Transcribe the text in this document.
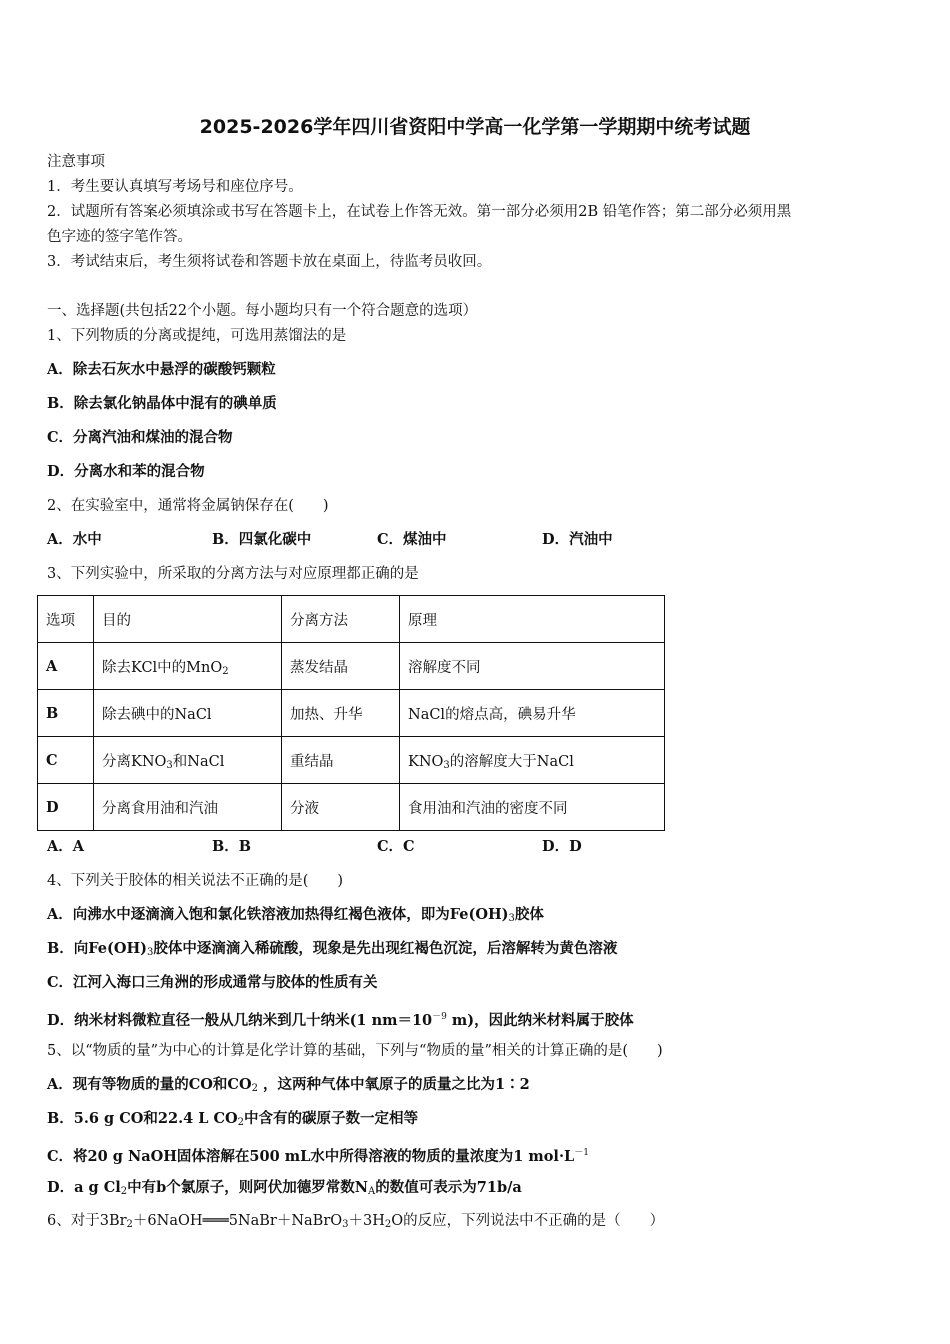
2025-2026学年四川省资阳中学高一化学第一学期期中统考试题
注意事项
1．考生要认真填写考场号和座位序号。
2．试题所有答案必须填涂或书写在答题卡上，在试卷上作答无效。第一部分必须用2B 铅笔作答；第二部分必须用黑
色字迹的签字笔作答。
3．考试结束后，考生须将试卷和答题卡放在桌面上，待监考员收回。
一、选择题(共包括22个小题。每小题均只有一个符合题意的选项）
1、下列物质的分离或提纯，可选用蒸馏法的是
A．除去石灰水中悬浮的碳酸钙颗粒
B．除去氯化钠晶体中混有的碘单质
C．分离汽油和煤油的混合物
D．分离水和苯的混合物
2、在实验室中，通常将金属钠保存在(　　)
A．水中	B．四氯化碳中	C．煤油中	D．汽油中
3、下列实验中，所采取的分离方法与对应原理都正确的是
选项	目的	分离方法	原理
A	除去KCl中的MnO$_2$	蒸发结晶	溶解度不同
B	除去碘中的NaCl	加热、升华	NaCl的熔点高，碘易升华
C	分离$KNO_3$和NaCl	重结晶	$KNO_3$的溶解度大于NaCl
D	分离食用油和汽油	分液	食用油和汽油的密度不同
A．A	B．B	C．C	D．D
4、下列关于胶体的相关说法不正确的是(　　)
A．向沸水中逐滴滴入饱和氯化铁溶液加热得红褐色液体，即为$Fe(OH)_3$胶体
B．向$Fe(OH)_3$胶体中逐滴滴入稀硫酸，现象是先出现红褐色沉淀，后溶解转为黄色溶液
C．江河入海口三角洲的形成通常与胶体的性质有关
D．纳米材料微粒直径一般从几纳米到几十纳米(1 $nm=10^{-9}$ m)，因此纳米材料属于胶体
5、以“物质的量”为中心的计算是化学计算的基础，下列与“物质的量”相关的计算正确的是(　　)
A．现有等物质的量的CO和$CO_2$ ，这两种气体中氧原子的质量之比为1∶2
B．5.6 g CO和22.4 L $CO_2$中含有的碳原子数一定相等
C．将20 g NaOH固体溶解在500 mL水中所得溶液的物质的量浓度为1 $mol\cdot L^{-1}$
D．a g $Cl_2$中有b个氯原子，则阿伏加德罗常数$N_A$的数值可表示为71b/a
6、对于$3Br_2+6NaOH═══5NaBr+NaBrO_3+3H_2O$的反应，下列说法中不正确的是（　　）
